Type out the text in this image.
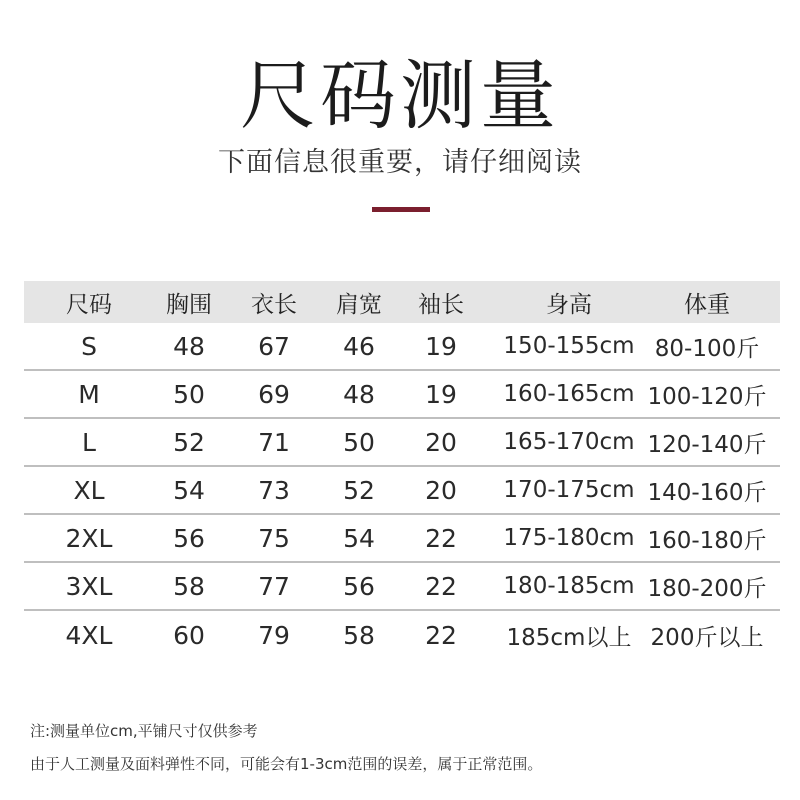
尺码测量
下面信息很重要，请仔细阅读
尺码	胸围	衣长	肩宽	袖长	身高	体重
S	48	67	46	19	150-155cm 80-100斤
M	50	69	48	19	160-165cm 100-120斤
L	52	71	50	20	165-170cm 120-140斤
XL	54	73	52	20	170-175cm 140-160斤
2XL	56	75	54	22	175-180cm 160-180斤
3XL	58	77	56	22	180-185cm 180-200斤
4XL	60	79	58	22	185cm以上 200斤以上
注:测量单位cm,平铺尺寸仅供参考
由于人工测量及面料弹性不同，可能会有1-3cm范围的误差，属于正常范围。
